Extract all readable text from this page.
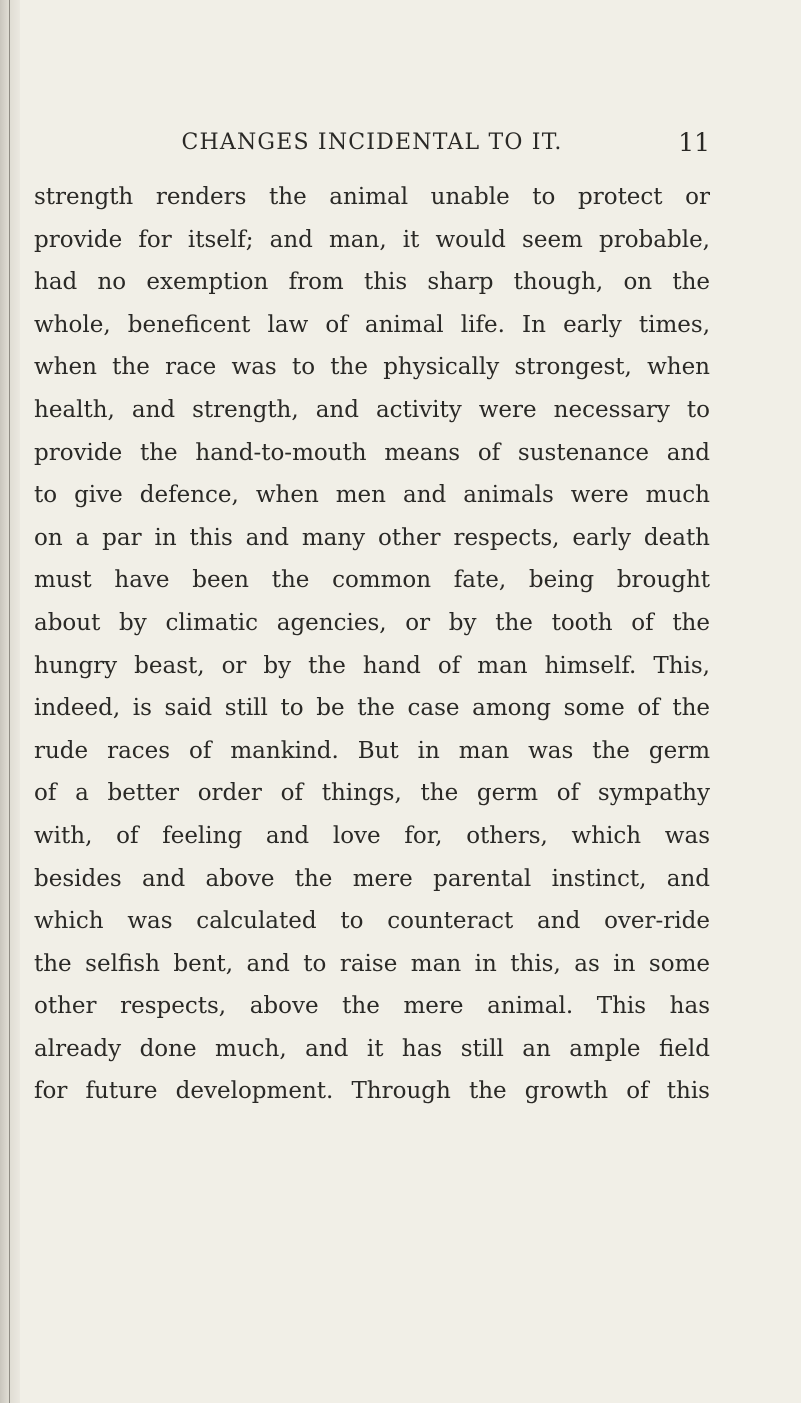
CHANGES INCIDENTAL TO IT.	11
strength renders the animal unable to protect or
provide for itself; and man, it would seem probable,
had no exemption from this sharp though, on the
whole, beneficent law of animal life. In early times,
when the race was to the physically strongest, when
health, and strength, and activity were necessary to
provide the hand-to-mouth means of sustenance and
to give defence, when men and animals were much
on a par in this and many other respects, early death
must have been the common fate, being brought
about by climatic agencies, or by the tooth of the
hungry beast, or by the hand of man himself. This,
indeed, is said still to be the case among some of the
rude races of mankind. But in man was the germ
of a better order of things, the germ of sympathy
with, of feeling and love for, others, which was
besides and above the mere parental instinct, and
which was calculated to counteract and over-ride
the selfish bent, and to raise man in this, as in some
other respects, above the mere animal. This has
already done much, and it has still an ample field
for future development. Through the growth of this
